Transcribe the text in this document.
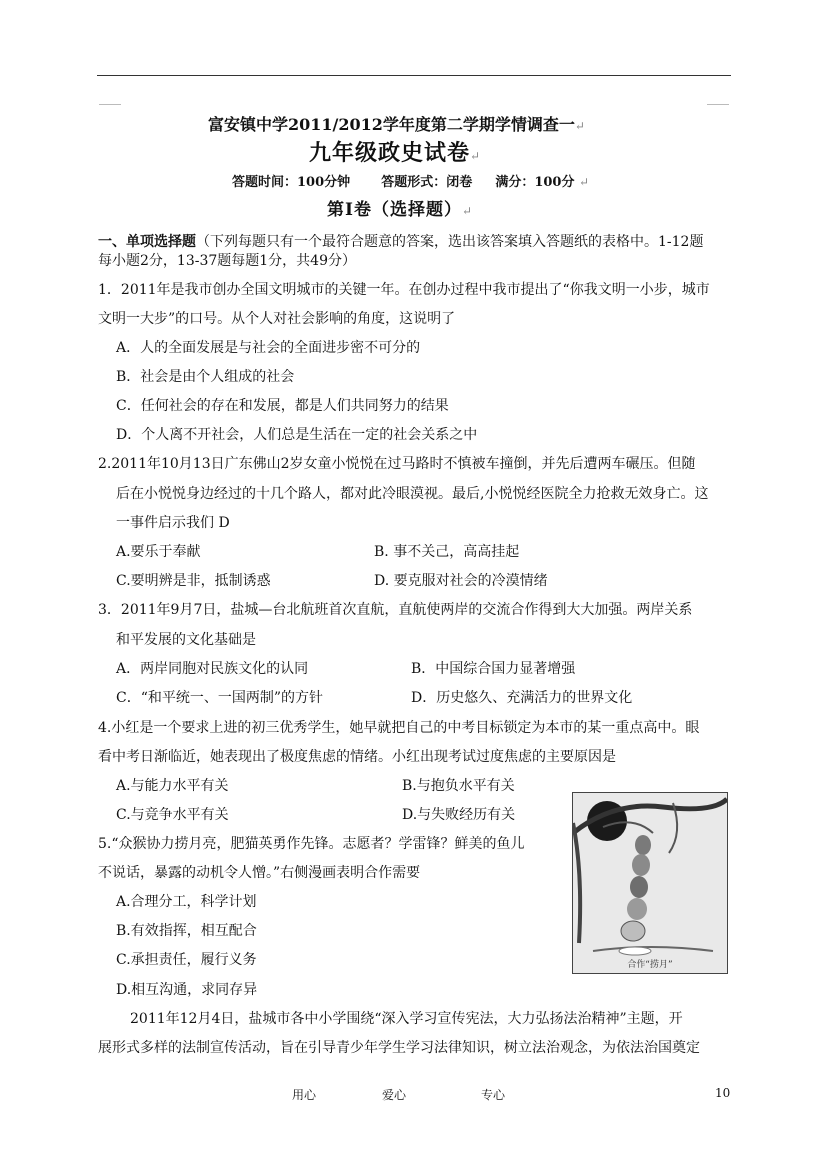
富安镇中学2011/2012学年度第二学期学情调查一↵
九年级政史试卷↵
答题时间：100分钟 答题形式：闭卷 满分：100分 ↵
第I卷（选择题）↵
一、单项选择题（下列每题只有一个最符合题意的答案，选出该答案填入答题纸的表格中。1-12题
每小题2分，13-37题每题1分，共49分）
1．2011年是我市创办全国文明城市的关键一年。在创办过程中我市提出了“你我文明一小步，城市
文明一大步”的口号。从个人对社会影响的角度，这说明了
A．人的全面发展是与社会的全面进步密不可分的
B．社会是由个人组成的社会
C．任何社会的存在和发展，都是人们共同努力的结果
D．个人离不开社会，人们总是生活在一定的社会关系之中
2.2011年10月13日广东佛山2岁女童小悦悦在过马路时不慎被车撞倒，并先后遭两车碾压。但随
后在小悦悦身边经过的十几个路人，都对此冷眼漠视。最后,小悦悦经医院全力抢救无效身亡。这
一事件启示我们 D
A.要乐于奉献	B. 事不关己，高高挂起
C.要明辨是非，抵制诱惑	D. 要克服对社会的冷漠情绪
3．2011年9月7日，盐城—台北航班首次直航，直航使两岸的交流合作得到大大加强。两岸关系
和平发展的文化基础是
A．两岸同胞对民族文化的认同	B．中国综合国力显著增强
C．“和平统一、一国两制”的方针	D．历史悠久、充满活力的世界文化
4.小红是一个要求上进的初三优秀学生，她早就把自己的中考目标锁定为本市的某一重点高中。眼
看中考日渐临近，她表现出了极度焦虑的情绪。小红出现考试过度焦虑的主要原因是
A.与能力水平有关	B.与抱负水平有关
C.与竞争水平有关	D.与失败经历有关
5.“众猴协力捞月亮，肥猫英勇作先锋。志愿者？学雷锋？鲜美的鱼儿
不说话，暴露的动机令人憎。”右侧漫画表明合作需要
A.合理分工，科学计划
B.有效指挥，相互配合
C.承担责任，履行义务
D.相互沟通，求同存异
合作“捞月”
2011年12月4日，盐城市各中小学围绕“深入学习宣传宪法，大力弘扬法治精神”主题，开
展形式多样的法制宣传活动，旨在引导青少年学生学习法律知识，树立法治观念，为依法治国奠定
用心	爱心	专心	10
